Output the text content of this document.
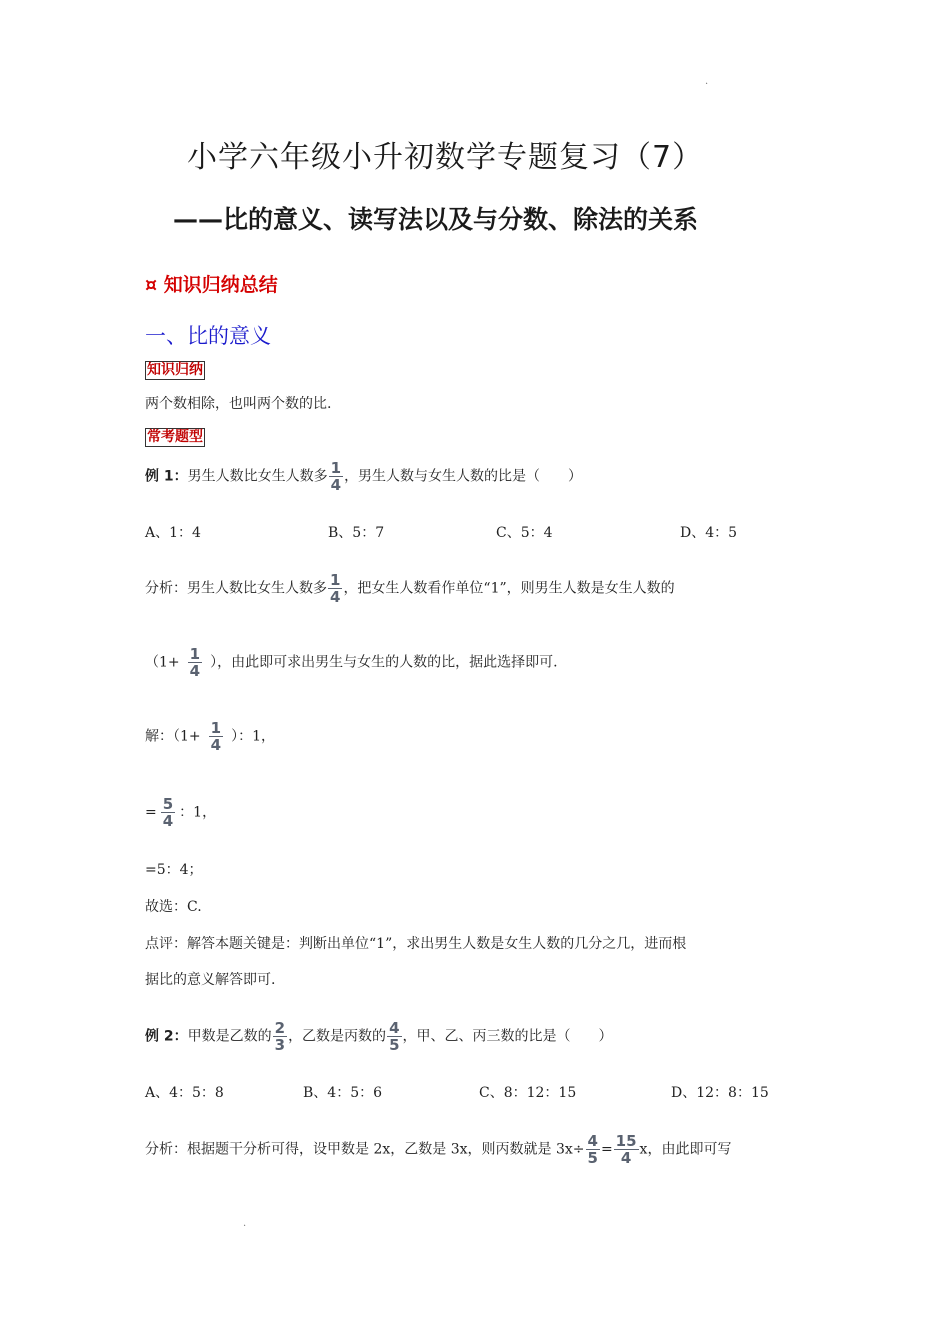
.
小学六年级小升初数学专题复习（7）
——比的意义、读写法以及与分数、除法的关系
¤ 知识归纳总结
一、比的意义
知识归纳
两个数相除，也叫两个数的比.
常考题型
例 1：男生人数比女生人数多 $\frac{1}{4}$ ，男生人数与女生人数的比是（　　）
A、1：4	B、5：7	C、5：4	D、4：5
分析：男生人数比女生人数多 $\frac{1}{4}$ ，把女生人数看作单位“1”，则男生人数是女生人数的
（$1+ \frac{1}{4}$ ），由此即可求出男生与女生的人数的比，据此选择即可.
解：（$1+ \frac{1}{4}$ ）：1，
= $\frac{5}{4}$ ：1，
=5：4；
故选：C.
点评：解答本题关键是：判断出单位“1”，求出男生人数是女生人数的几分之几，进而根
据比的意义解答即可.
例 2：甲数是乙数的 $\frac{2}{3}$ ，乙数是丙数的 $\frac{4}{5}$ ，甲、乙、丙三数的比是（　　）
A、4：5：8	B、4：5：6	C、8：12：15	D、12：8：15
分析：根据题干分析可得，设甲数是 2x，乙数是 3x，则丙数就是 $3x\div \frac{4}{5} = \frac{15}{4}$ x，由此即可写
.
